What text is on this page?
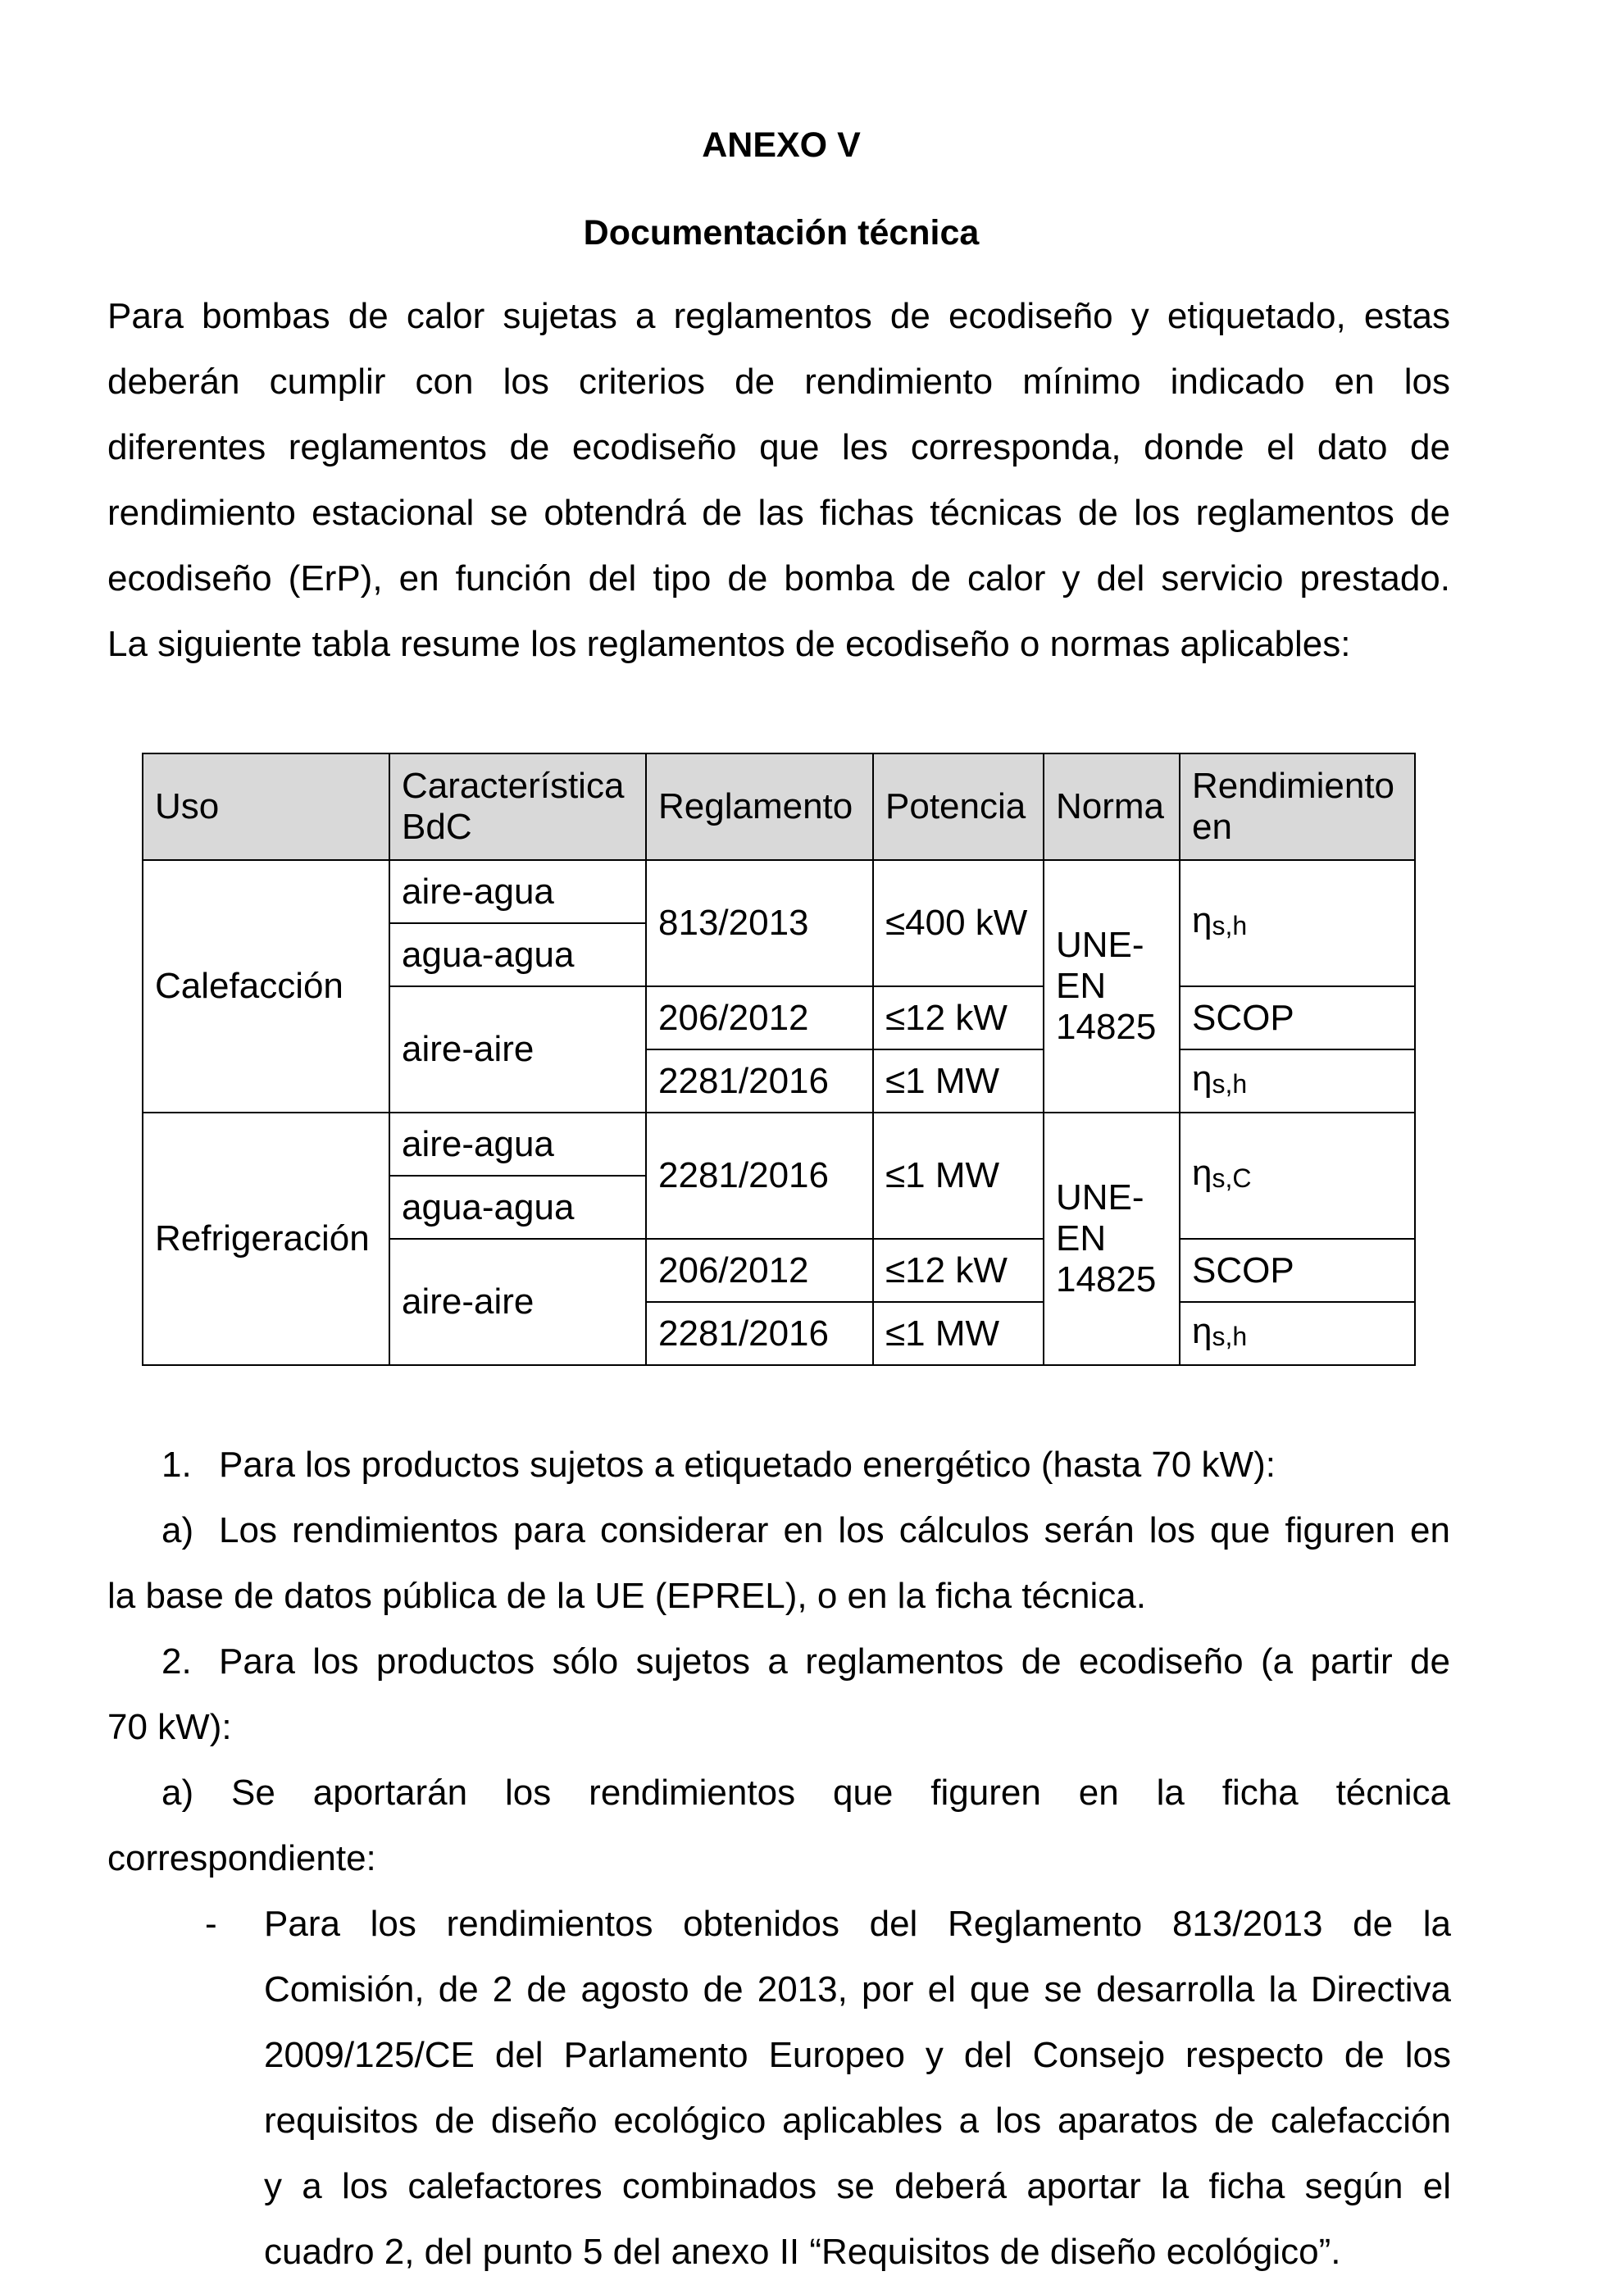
ANEXO V
Documentación técnica
Para bombas de calor sujetas a reglamentos de ecodiseño y etiquetado, estas
deberán cumplir con los criterios de rendimiento mínimo indicado en los
diferentes reglamentos de ecodiseño que les corresponda, donde el dato de
rendimiento estacional se obtendrá de las fichas técnicas de los reglamentos de
ecodiseño (ErP), en función del tipo de bomba de calor y del servicio prestado.
La siguiente tabla resume los reglamentos de ecodiseño o normas aplicables:
Uso	Característica BdC	Reglamento	Potencia	Norma	Rendimiento en
Calefacción	aire-agua	813/2013	≤400 kW	UNE-EN 14825	ηs,h
	agua-agua				
	aire-aire	206/2012	≤12 kW		SCOP
		2281/2016	≤1 MW		ηs,h
Refrigeración	aire-agua	2281/2016	≤1 MW	UNE-EN 14825	ηs,C
	agua-agua				
	aire-aire	206/2012	≤12 kW		SCOP
		2281/2016	≤1 MW		ηs,h
1. Para los productos sujetos a etiquetado energético (hasta 70 kW):
a) Los rendimientos para considerar en los cálculos serán los que figuren en
la base de datos pública de la UE (EPREL), o en la ficha técnica.
2. Para los productos sólo sujetos a reglamentos de ecodiseño (a partir de
70 kW):
a) Se aportarán los rendimientos que figuren en la ficha técnica
correspondiente:
- Para los rendimientos obtenidos del Reglamento 813/2013 de la
Comisión, de 2 de agosto de 2013, por el que se desarrolla la Directiva
2009/125/CE del Parlamento Europeo y del Consejo respecto de los
requisitos de diseño ecológico aplicables a los aparatos de calefacción
y a los calefactores combinados se deberá aportar la ficha según el
cuadro 2, del punto 5 del anexo II “Requisitos de diseño ecológico”.
